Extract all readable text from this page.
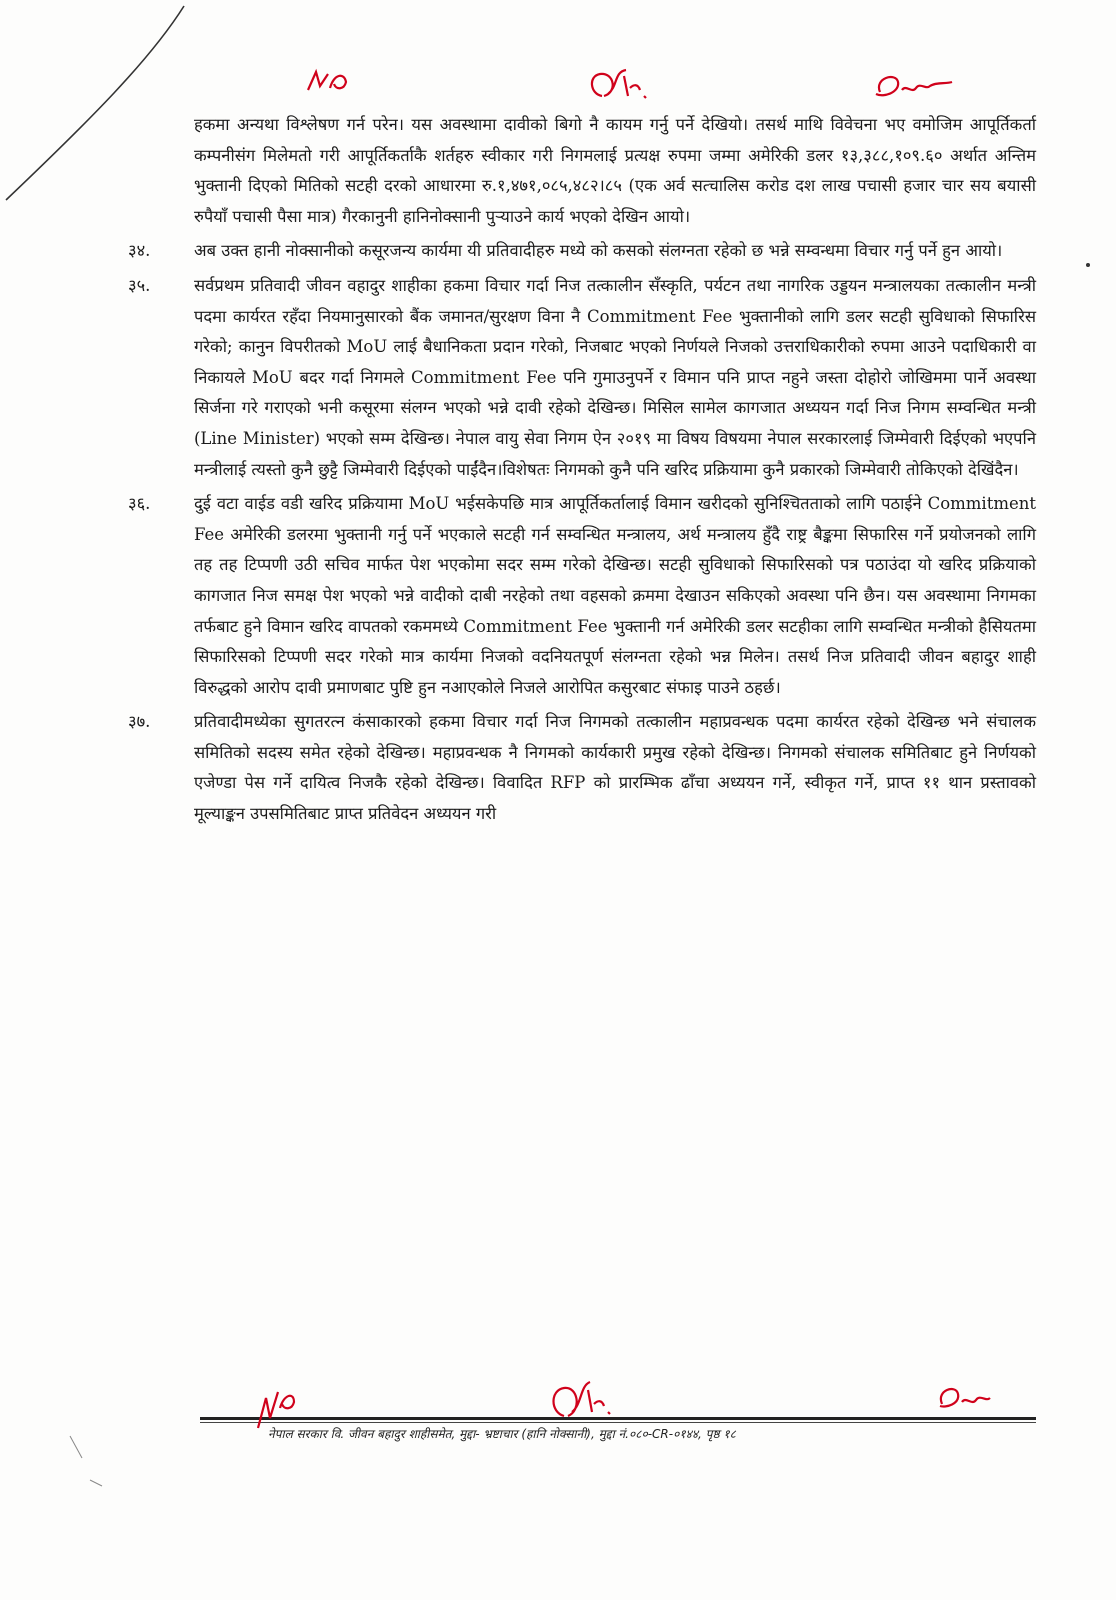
हकमा अन्यथा विश्लेषण गर्न परेन। यस अवस्थामा दावीको बिगो नै कायम गर्नु पर्ने देखियो। तसर्थ माथि विवेचना भए वमोजिम आपूर्तिकर्ता कम्पनीसंग मिलेमतो गरी आपूर्तिकर्ताकै शर्तहरु स्वीकार गरी निगमलाई प्रत्यक्ष रुपमा जम्मा अमेरिकी डलर १३,३८८,१०९.६० अर्थात अन्तिम भुक्तानी दिएको मितिको सटही दरको आधारमा रु.१,४७१,०८५,४८२।८५ (एक अर्व सत्चालिस करोड दश लाख पचासी हजार चार सय बयासी रुपैयाँ पचासी पैसा मात्र) गैरकानुनी हानिनोक्सानी पुर्‍याउने कार्य भएको देखिन आयो।

३४.	अब उक्त हानी नोक्सानीको कसूरजन्य कार्यमा यी प्रतिवादीहरु मध्ये को कसको संलग्नता रहेको छ भन्ने सम्वन्धमा विचार गर्नु पर्ने हुन आयो।

३५.	सर्वप्रथम प्रतिवादी जीवन वहादुर शाहीका हकमा विचार गर्दा निज तत्कालीन सँस्कृति, पर्यटन तथा नागरिक उड्डयन मन्त्रालयका तत्कालीन मन्त्री पदमा कार्यरत रहँदा नियमानुसारको बैंक जमानत/सुरक्षण विना नै Commitment Fee भुक्तानीको लागि डलर सटही सुविधाको सिफारिस गरेको; कानुन विपरीतको MoU लाई बैधानिकता प्रदान गरेको, निजबाट भएको निर्णयले निजको उत्तराधिकारीको रुपमा आउने पदाधिकारी वा निकायले MoU बदर गर्दा निगमले Commitment Fee पनि गुमाउनुपर्ने र विमान पनि प्राप्त नहुने जस्ता दोहोरो जोखिममा पार्ने अवस्था सिर्जना गरे गराएको भनी कसूरमा संलग्न भएको भन्ने दावी रहेको देखिन्छ। मिसिल सामेल कागजात अध्ययन गर्दा निज निगम सम्वन्धित मन्त्री (Line Minister) भएको सम्म देखिन्छ। नेपाल वायु सेवा निगम ऐन २०१९ मा विषय विषयमा नेपाल सरकारलाई जिम्मेवारी दिईएको भएपनि मन्त्रीलाई त्यस्तो कुनै छुट्टै जिम्मेवारी दिईएको पाईंदैन।विशेषतः निगमको कुनै पनि खरिद प्रक्रियामा कुनै प्रकारको जिम्मेवारी तोकिएको देखिंदैन।

३६.	दुई वटा वाईड वडी खरिद प्रक्रियामा MoU भईसकेपछि मात्र आपूर्तिकर्तालाई विमान खरीदको सुनिश्चितताको लागि पठाईने Commitment Fee अमेरिकी डलरमा भुक्तानी गर्नु पर्ने भएकाले सटही गर्न सम्वन्धित मन्त्रालय, अर्थ मन्त्रालय हुँदै राष्ट्र बैङ्कमा सिफारिस गर्ने प्रयोजनको लागि तह तह टिप्पणी उठी सचिव मार्फत पेश भएकोमा सदर सम्म गरेको देखिन्छ। सटही सुविधाको सिफारिसको पत्र पठाउंदा यो खरिद प्रक्रियाको कागजात निज समक्ष पेश भएको भन्ने वादीको दाबी नरहेको तथा वहसको क्रममा देखाउन सकिएको अवस्था पनि छैन। यस अवस्थामा निगमका तर्फबाट हुने विमान खरिद वापतको रकममध्ये Commitment Fee भुक्तानी गर्न अमेरिकी डलर सटहीका लागि सम्वन्धित मन्त्रीको हैसियतमा सिफारिसको टिप्पणी सदर गरेको मात्र कार्यमा निजको वदनियतपूर्ण संलग्नता रहेको भन्न मिलेन। तसर्थ निज प्रतिवादी जीवन बहादुर शाही विरुद्धको आरोप दावी प्रमाणबाट पुष्टि हुन नआएकोले निजले आरोपित कसुरबाट संफाइ पाउने ठहर्छ।

३७.	प्रतिवादीमध्येका सुगतरत्न कंसाकारको हकमा विचार गर्दा निज निगमको तत्कालीन महाप्रवन्धक पदमा कार्यरत रहेको देखिन्छ भने संचालक समितिको सदस्य समेत रहेको देखिन्छ। महाप्रवन्धक नै निगमको कार्यकारी प्रमुख रहेको देखिन्छ। निगमको संचालक समितिबाट हुने निर्णयको एजेण्डा पेस गर्ने दायित्व निजकै रहेको देखिन्छ। विवादित RFP को प्रारम्भिक ढाँचा अध्ययन गर्ने, स्वीकृत गर्ने, प्राप्त ११ थान प्रस्तावको मूल्याङ्कन उपसमितिबाट प्राप्त प्रतिवेदन अध्ययन गरी

नेपाल सरकार वि. जीवन बहादुर शाहीसमेत, मुद्दा- भ्रष्टाचार (हानि नोक्सानी), मुद्दा नं.०८०-CR-०१४४, पृष्ठ १८
